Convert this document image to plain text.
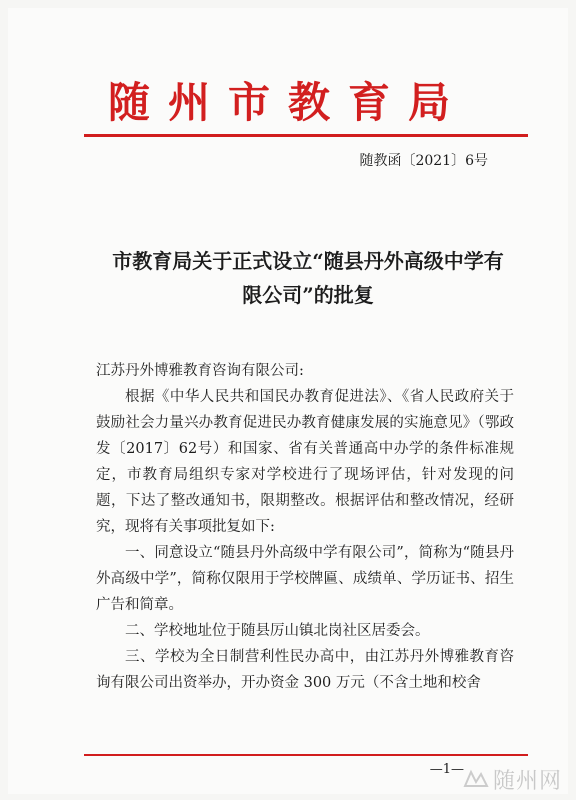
随州市教育局
随教函〔2021〕6号
市教育局关于正式设立“随县丹外高级中学有
限公司”的批复

江苏丹外博雅教育咨询有限公司:

根据《中华人民共和国民办教育促进法》、《省人民政府关于鼓励社会力量兴办教育促进民办教育健康发展的实施意见》（鄂政发〔2017〕62号）和国家、省有关普通高中办学的条件标准规定，市教育局组织专家对学校进行了现场评估，针对发现的问题，下达了整改通知书，限期整改。根据评估和整改情况，经研究，现将有关事项批复如下:

一、同意设立“随县丹外高级中学有限公司”，简称为“随县丹外高级中学”，简称仅限用于学校牌匾、成绩单、学历证书、招生广告和简章。

二、学校地址位于随县厉山镇北岗社区居委会。

三、学校为全日制营利性民办高中，由江苏丹外博雅教育咨询有限公司出资举办，开办资金 300 万元（不含土地和校舍

—1—	随州网
